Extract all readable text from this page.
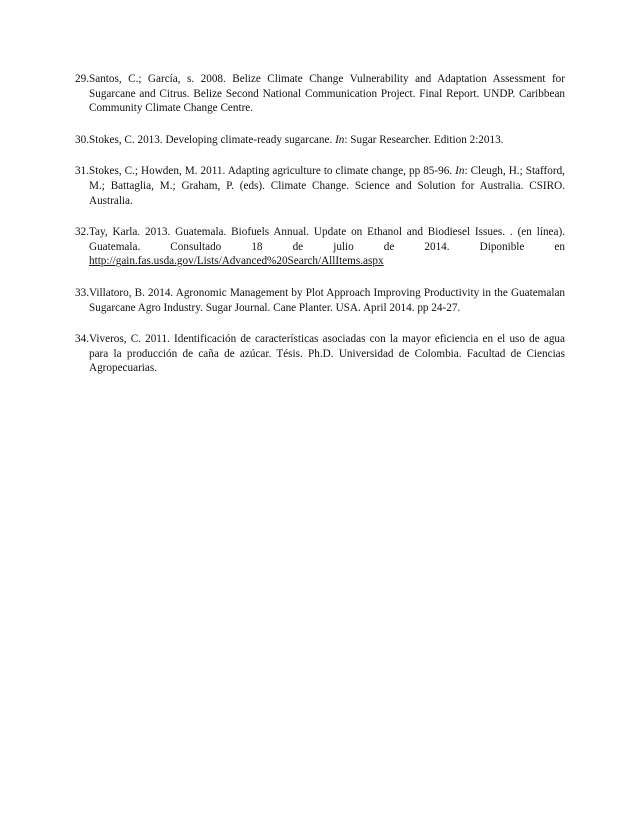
29. Santos, C.; García, s. 2008. Belize Climate Change Vulnerability and Adaptation Assessment for Sugarcane and Citrus. Belize Second National Communication Project. Final Report. UNDP. Caribbean Community Climate Change Centre.
30. Stokes, C. 2013. Developing climate-ready sugarcane. In: Sugar Researcher. Edition 2:2013.
31. Stokes, C.; Howden, M. 2011. Adapting agriculture to climate change, pp 85-96. In: Cleugh, H.; Stafford, M.; Battaglia, M.; Graham, P. (eds). Climate Change. Science and Solution for Australia. CSIRO. Australia.
32. Tay, Karla. 2013. Guatemala. Biofuels Annual. Update on Ethanol and Biodiesel Issues. . (en línea). Guatemala. Consultado 18 de julio de 2014. Diponible en http://gain.fas.usda.gov/Lists/Advanced%20Search/AllItems.aspx
33. Villatoro, B. 2014. Agronomic Management by Plot Approach Improving Productivity in the Guatemalan Sugarcane Agro Industry. Sugar Journal. Cane Planter. USA. April 2014. pp 24-27.
34. Viveros, C. 2011. Identificación de características asociadas con la mayor eficiencia en el uso de agua para la producción de caña de azúcar. Tésis. Ph.D. Universidad de Colombia. Facultad de Ciencias Agropecuarias.
